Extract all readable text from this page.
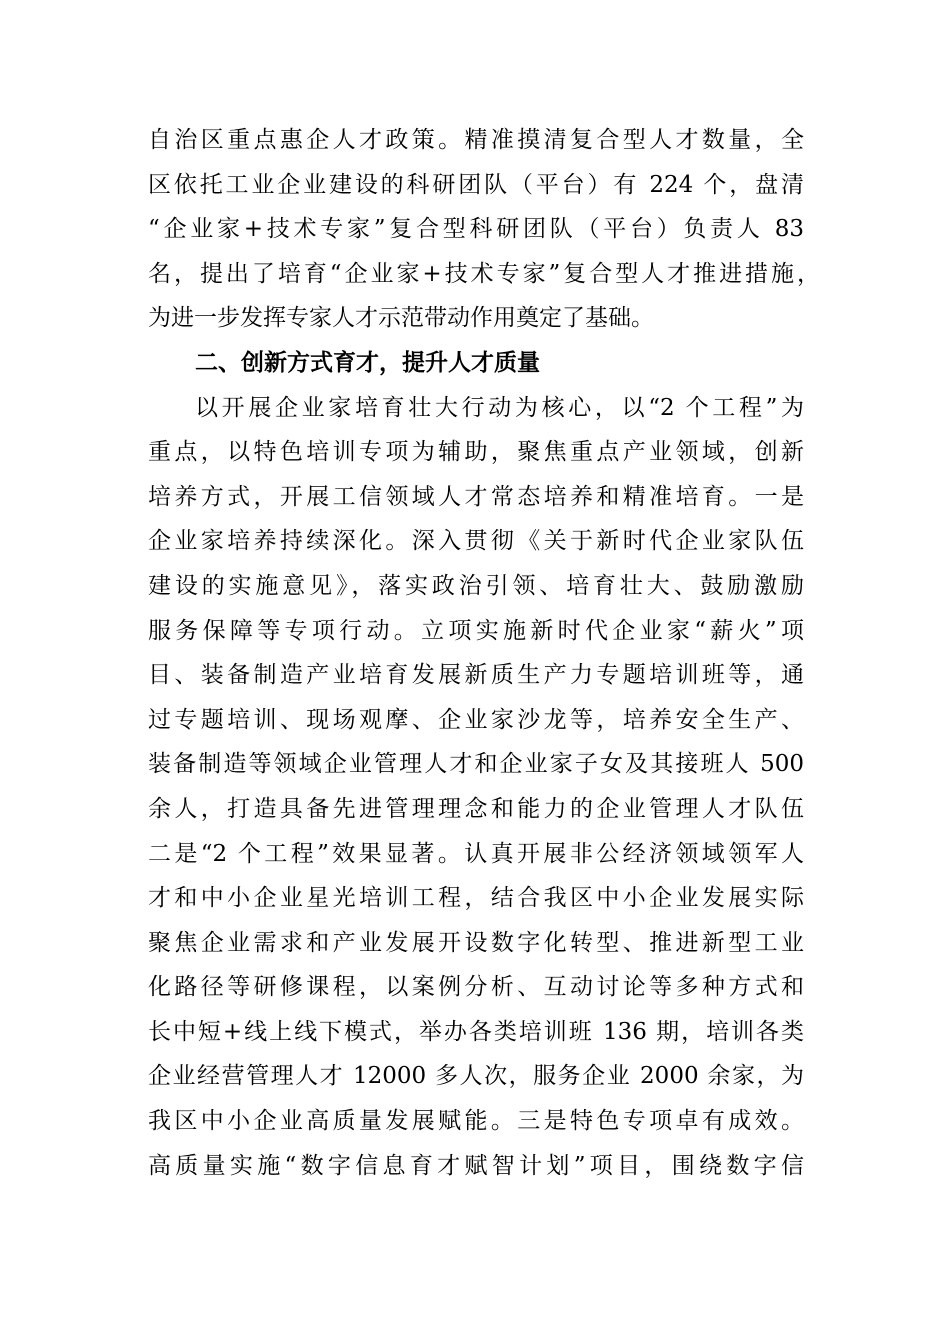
自治区重点惠企人才政策。精准摸清复合型人才数量，全
区依托工业企业建设的科研团队（平台）有 224 个，盘清
“企业家+技术专家”复合型科研团队（平台）负责人 83
名，提出了培育“企业家+技术专家”复合型人才推进措施，
为进一步发挥专家人才示范带动作用奠定了基础。
二、创新方式育才，提升人才质量
以开展企业家培育壮大行动为核心，以“2 个工程”为
重点，以特色培训专项为辅助，聚焦重点产业领域，创新
培养方式，开展工信领域人才常态培养和精准培育。一是
企业家培养持续深化。深入贯彻《关于新时代企业家队伍
建设的实施意见》，落实政治引领、培育壮大、鼓励激励
服务保障等专项行动。立项实施新时代企业家“薪火”项
目、装备制造产业培育发展新质生产力专题培训班等，通
过专题培训、现场观摩、企业家沙龙等，培养安全生产、
装备制造等领域企业管理人才和企业家子女及其接班人 500
余人，打造具备先进管理理念和能力的企业管理人才队伍
二是“2 个工程”效果显著。认真开展非公经济领域领军人
才和中小企业星光培训工程，结合我区中小企业发展实际
聚焦企业需求和产业发展开设数字化转型、推进新型工业
化路径等研修课程，以案例分析、互动讨论等多种方式和
长中短+线上线下模式，举办各类培训班 136 期，培训各类
企业经营管理人才 12000 多人次，服务企业 2000 余家，为
我区中小企业高质量发展赋能。三是特色专项卓有成效。
高质量实施“数字信息育才赋智计划”项目，围绕数字信
